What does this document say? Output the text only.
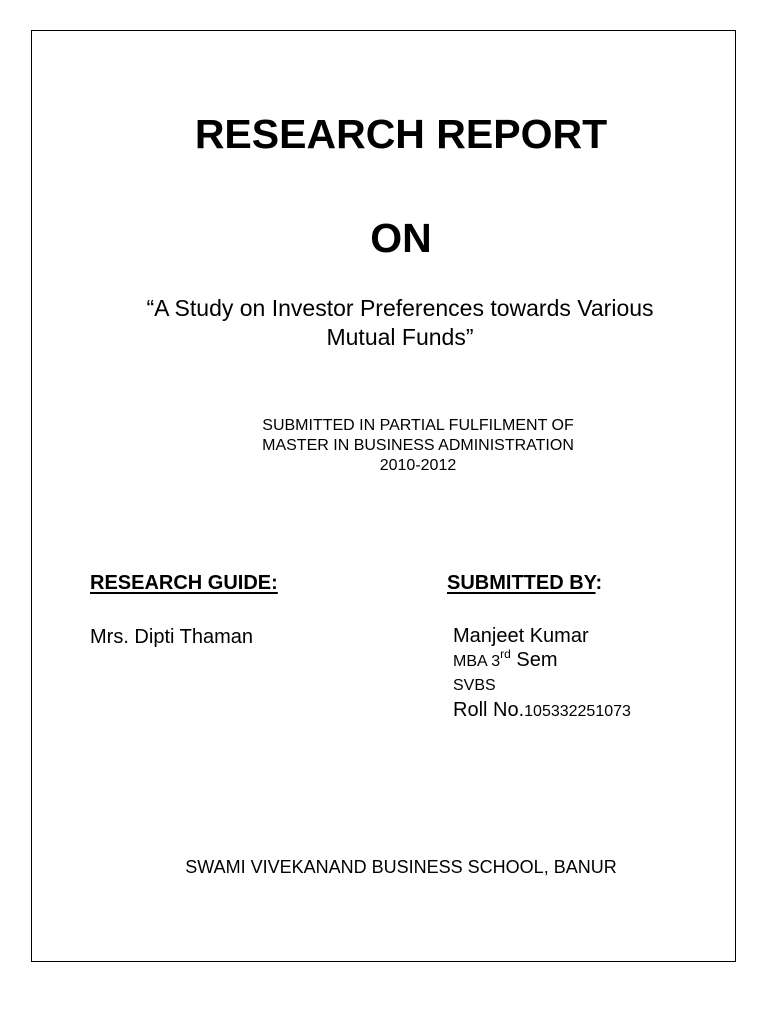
RESEARCH REPORT
ON
“A Study on Investor Preferences towards Various
Mutual Funds”
SUBMITTED IN PARTIAL FULFILMENT OF
MASTER IN BUSINESS ADMINISTRATION
2010-2012
RESEARCH GUIDE:	SUBMITTED BY:
Mrs. Dipti Thaman	Manjeet Kumar
MBA 3rd Sem
SVBS
Roll No.105332251073
SWAMI VIVEKANAND BUSINESS SCHOOL, BANUR
